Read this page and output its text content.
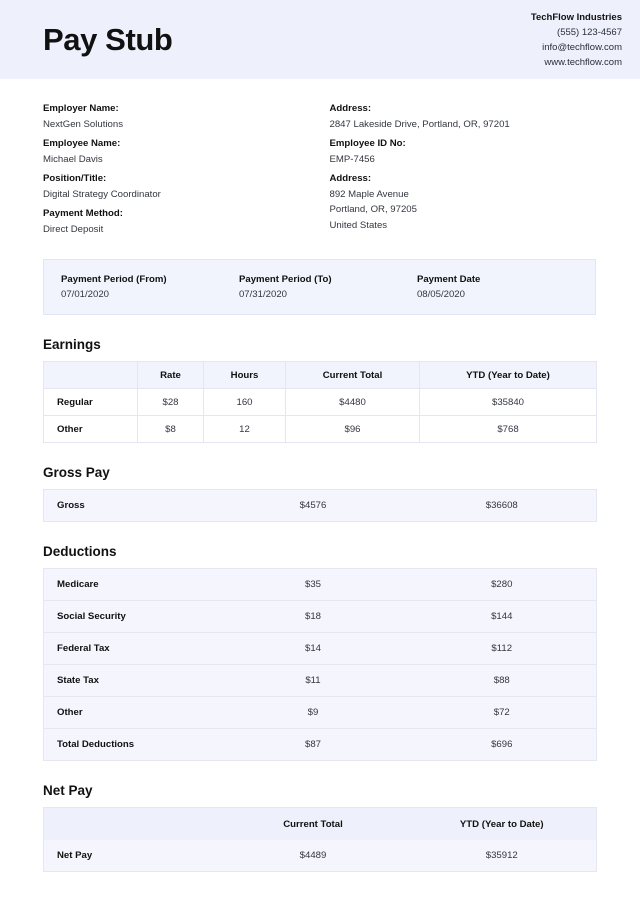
Pay Stub
TechFlow Industries
(555) 123-4567
info@techflow.com
www.techflow.com
Employer Name:
NextGen Solutions
Employee Name:
Michael Davis
Position/Title:
Digital Strategy Coordinator
Payment Method:
Direct Deposit
Address:
2847 Lakeside Drive, Portland, OR, 97201
Employee ID No:
EMP-7456
Address:
892 Maple Avenue
Portland, OR, 97205
United States
Payment Period (From)
07/01/2020
Payment Period (To)
07/31/2020
Payment Date
08/05/2020
Earnings
	Rate	Hours	Current Total	YTD (Year to Date)
Regular	$28	160	$4480	$35840
Other	$8	12	$96	$768
Gross Pay
Gross	$4576	$36608
Deductions
Medicare	$35	$280
Social Security	$18	$144
Federal Tax	$14	$112
State Tax	$11	$88
Other	$9	$72
Total Deductions	$87	$696
Net Pay
	Current Total	YTD (Year to Date)
Net Pay	$4489	$35912
